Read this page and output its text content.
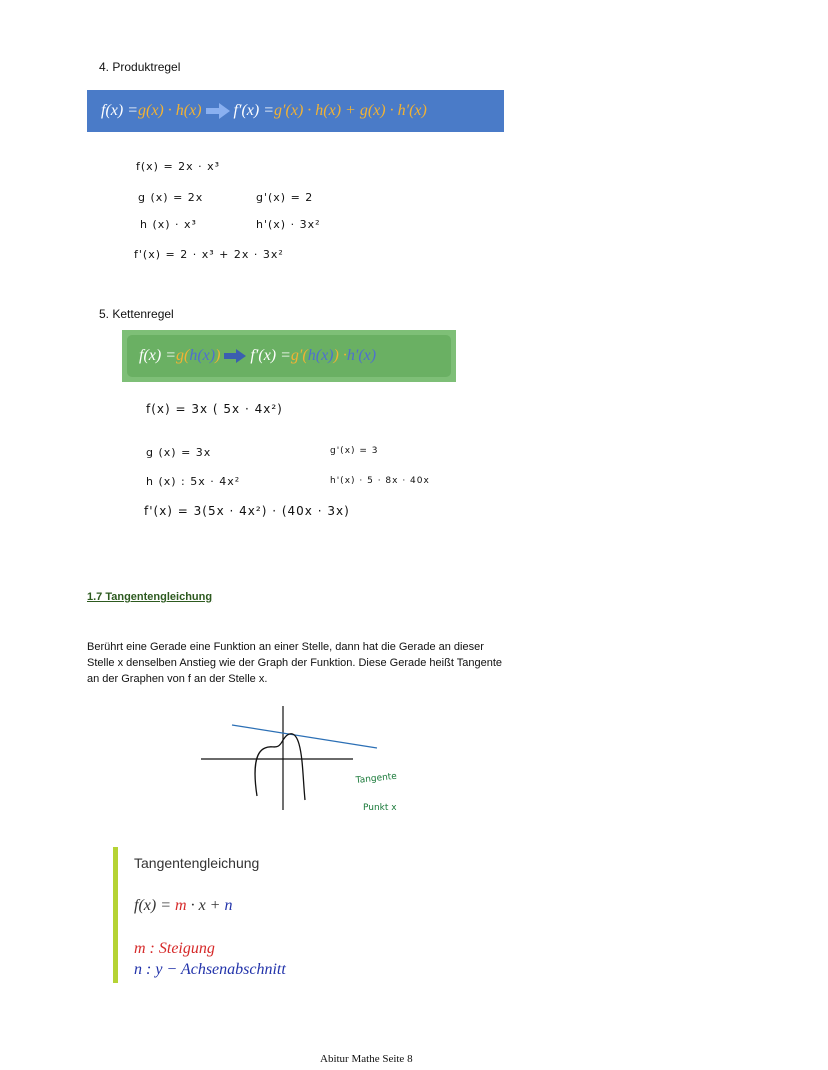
4. Produktregel
f(x) = g(x) · h(x) f′(x) = g′(x) · h(x) + g(x) · h′(x)
f(x) = 2x · x³
g (x) = 2x	g'(x) = 2
h (x) · x³	h'(x) · 3x²
f'(x) = 2 · x³ + 2x · 3x²
5. Kettenregel
f(x) = g( h(x) ) f′(x) = g′( h(x) ) · h′(x)
f(x) = 3x ( 5x · 4x²)
g (x) = 3x	g'(x) = 3
h (x) : 5x · 4x²	h'(x) · 5 · 8x · 40x
f'(x) = 3(5x · 4x²) · (40x · 3x)
1.7 Tangentengleichung
Berührt eine Gerade eine Funktion an einer Stelle, dann hat die Gerade an dieser Stelle x denselben Anstieg wie der Graph der Funktion. Diese Gerade heißt Tangente an der Graphen von f an der Stelle x.
Tangente
Punkt x
Tangentengleichung
f(x) = m · x + n
m : Steigung
n : y − Achsenabschnitt
Abitur Mathe Seite 8
